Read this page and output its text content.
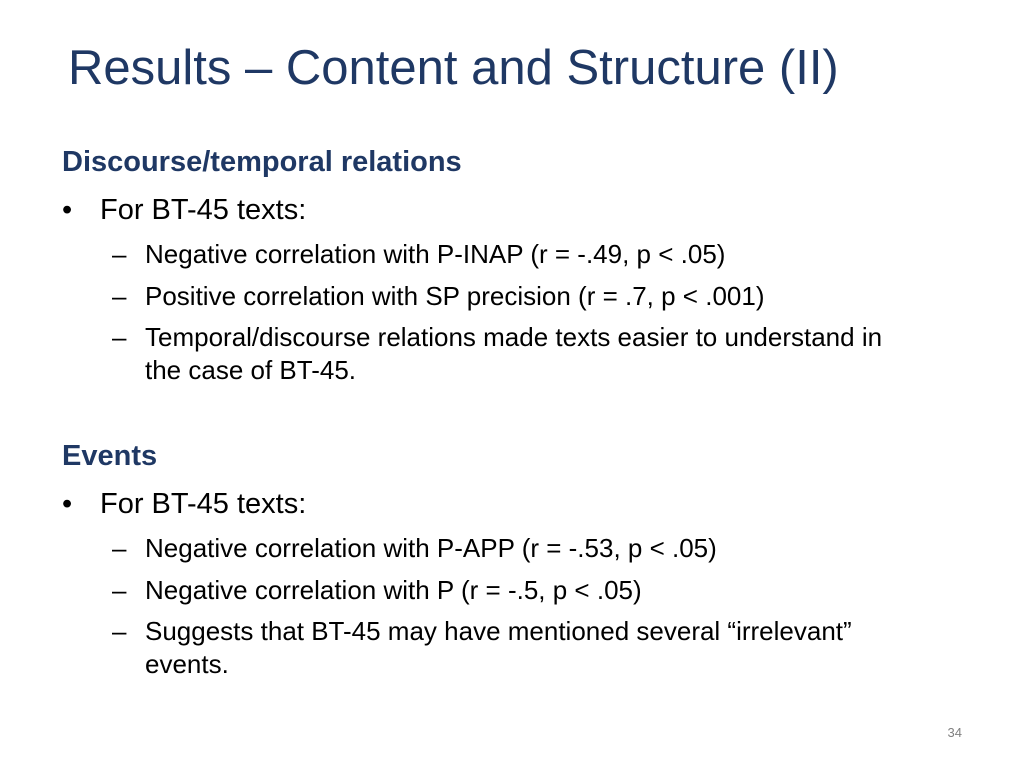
Results – Content and Structure (II)
Discourse/temporal relations
• For BT-45 texts:
– Negative correlation with P-INAP (r = -.49, p < .05)
– Positive correlation with SP precision (r = .7, p < .001)
– Temporal/discourse relations made texts easier to understand in the case of BT-45.
Events
• For BT-45 texts:
– Negative correlation with P-APP (r = -.53, p < .05)
– Negative correlation with P (r = -.5, p < .05)
– Suggests that BT-45 may have mentioned several “irrelevant” events.
34
